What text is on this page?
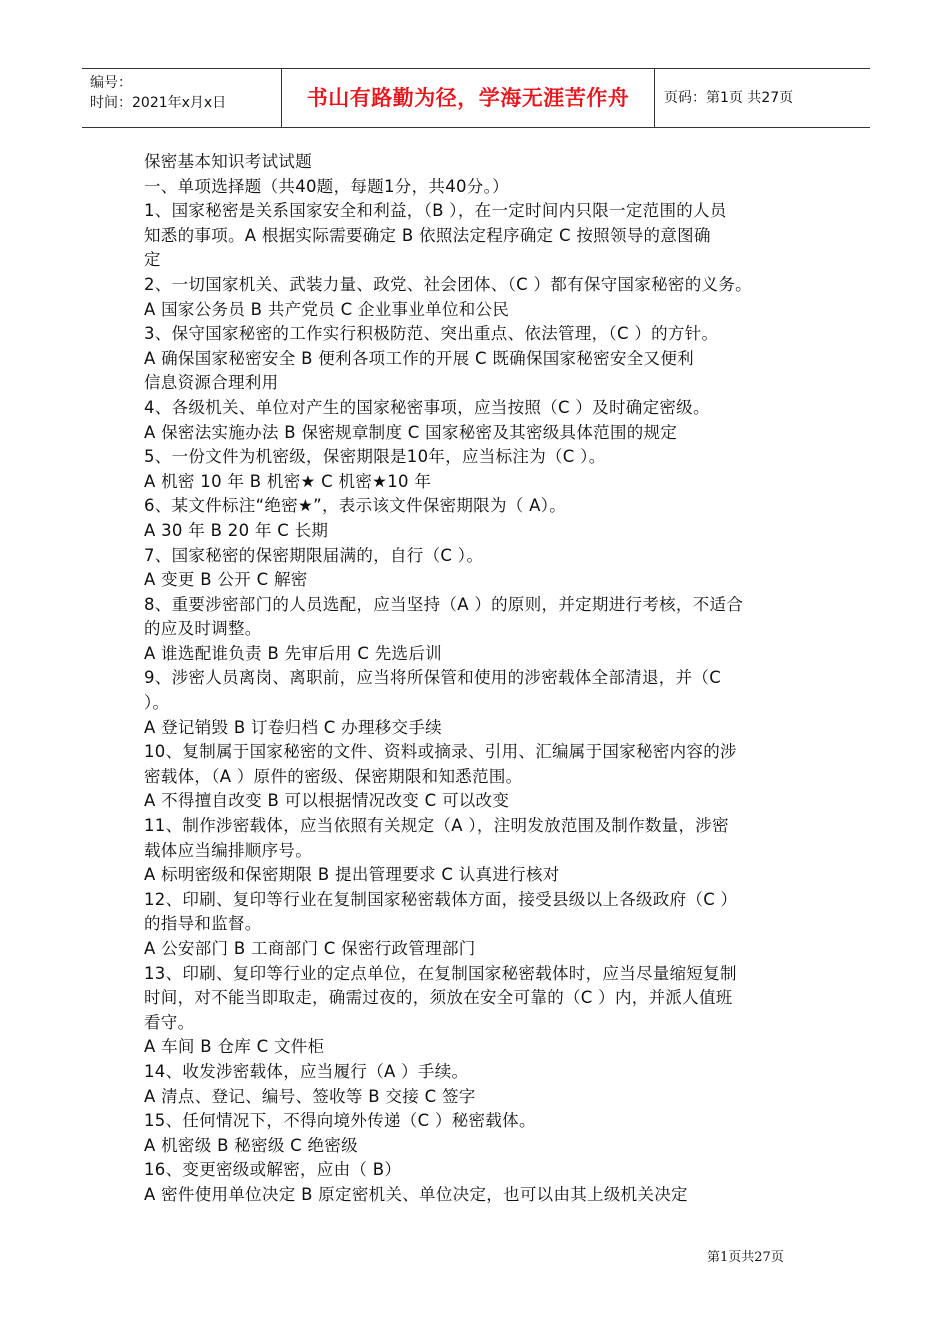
编号：
时间：2021年x月x日	书山有路勤为径，学海无涯苦作舟	页码：第1页 共27页
保密基本知识考试试题
一、单项选择题（共40题，每题1分，共40分。）
1、国家秘密是关系国家安全和利益，（B ），在一定时间内只限一定范围的人员
知悉的事项。A 根据实际需要确定 B 依照法定程序确定 C 按照领导的意图确
定
2、一切国家机关、武装力量、政党、社会团体、（C ）都有保守国家秘密的义务。
A 国家公务员 B 共产党员 C 企业事业单位和公民
3、保守国家秘密的工作实行积极防范、突出重点、依法管理，（C ）的方针。
A 确保国家秘密安全 B 便利各项工作的开展 C 既确保国家秘密安全又便利
信息资源合理利用
4、各级机关、单位对产生的国家秘密事项，应当按照（C ）及时确定密级。
A 保密法实施办法 B 保密规章制度 C 国家秘密及其密级具体范围的规定
5、一份文件为机密级，保密期限是10年，应当标注为（C ）。
A 机密 10 年 B 机密★ C 机密★10 年
6、某文件标注“绝密★”，表示该文件保密期限为（ A）。
A 30 年 B 20 年 C 长期
7、国家秘密的保密期限届满的，自行（C ）。
A 变更 B 公开 C 解密
8、重要涉密部门的人员选配，应当坚持（A ）的原则，并定期进行考核，不适合
的应及时调整。
A 谁选配谁负责 B 先审后用 C 先选后训
9、涉密人员离岗、离职前，应当将所保管和使用的涉密载体全部清退，并（C
）。
A 登记销毁 B 订卷归档 C 办理移交手续
10、复制属于国家秘密的文件、资料或摘录、引用、汇编属于国家秘密内容的涉
密载体，（A ）原件的密级、保密期限和知悉范围。
A 不得擅自改变 B 可以根据情况改变 C 可以改变
11、制作涉密载体，应当依照有关规定（A ），注明发放范围及制作数量，涉密
载体应当编排顺序号。
A 标明密级和保密期限 B 提出管理要求 C 认真进行核对
12、印刷、复印等行业在复制国家秘密载体方面，接受县级以上各级政府（C ）
的指导和监督。
A 公安部门 B 工商部门 C 保密行政管理部门
13、印刷、复印等行业的定点单位，在复制国家秘密载体时，应当尽量缩短复制
时间，对不能当即取走，确需过夜的，须放在安全可靠的（C ）内，并派人值班
看守。
A 车间 B 仓库 C 文件柜
14、收发涉密载体，应当履行（A ）手续。
A 清点、登记、编号、签收等 B 交接 C 签字
15、任何情况下，不得向境外传递（C ）秘密载体。
A 机密级 B 秘密级 C 绝密级
16、变更密级或解密，应由（ B）
A 密件使用单位决定 B 原定密机关、单位决定，也可以由其上级机关决定
第1页共27页
